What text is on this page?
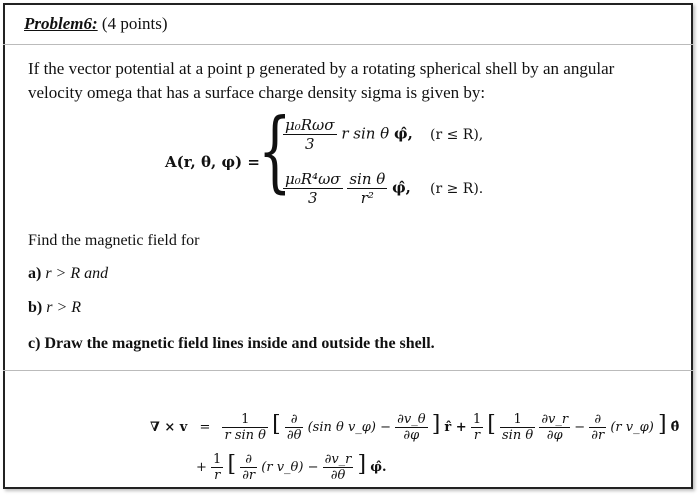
Problem6: (4 points)
If the vector potential at a point p generated by a rotating spherical shell by an angular velocity omega that has a surface charge density sigma is given by:
A(r, θ, φ) =
{
$\frac{\text{μ₀Rωσ}}{3}$ r sin θ φ̂, (r ≤ R),
$\frac{\text{μ₀R⁴ωσ}}{3}$
$\frac{\text{sin θ}}{\text{r²}}$ φ̂, (r ≥ R).
Find the magnetic field for
a) r > R and
b) r > R
c) Draw the magnetic field lines inside and outside the shell.
∇ × $v = \frac{1}{\text{r sin θ}}$ [ $\frac{\partial}{\partial\theta} (\sin$ θ v_φ) − $\frac{\partial v\_\theta}{\partial\varphi}$ ] r̂ + $\frac{1}{r}$ [ $\frac{1}{\text{sin θ}}$
$\frac{\partial v\_r}{\partial\varphi} - \frac{\partial}{\partial r} (r$ v_φ) ] θ̂
+ $\frac{1}{r}$ [ $\frac{\partial}{\partial r} (r$ v_θ) − $\frac{\partial v\_r}{\partial\theta}$ ] φ̂.
